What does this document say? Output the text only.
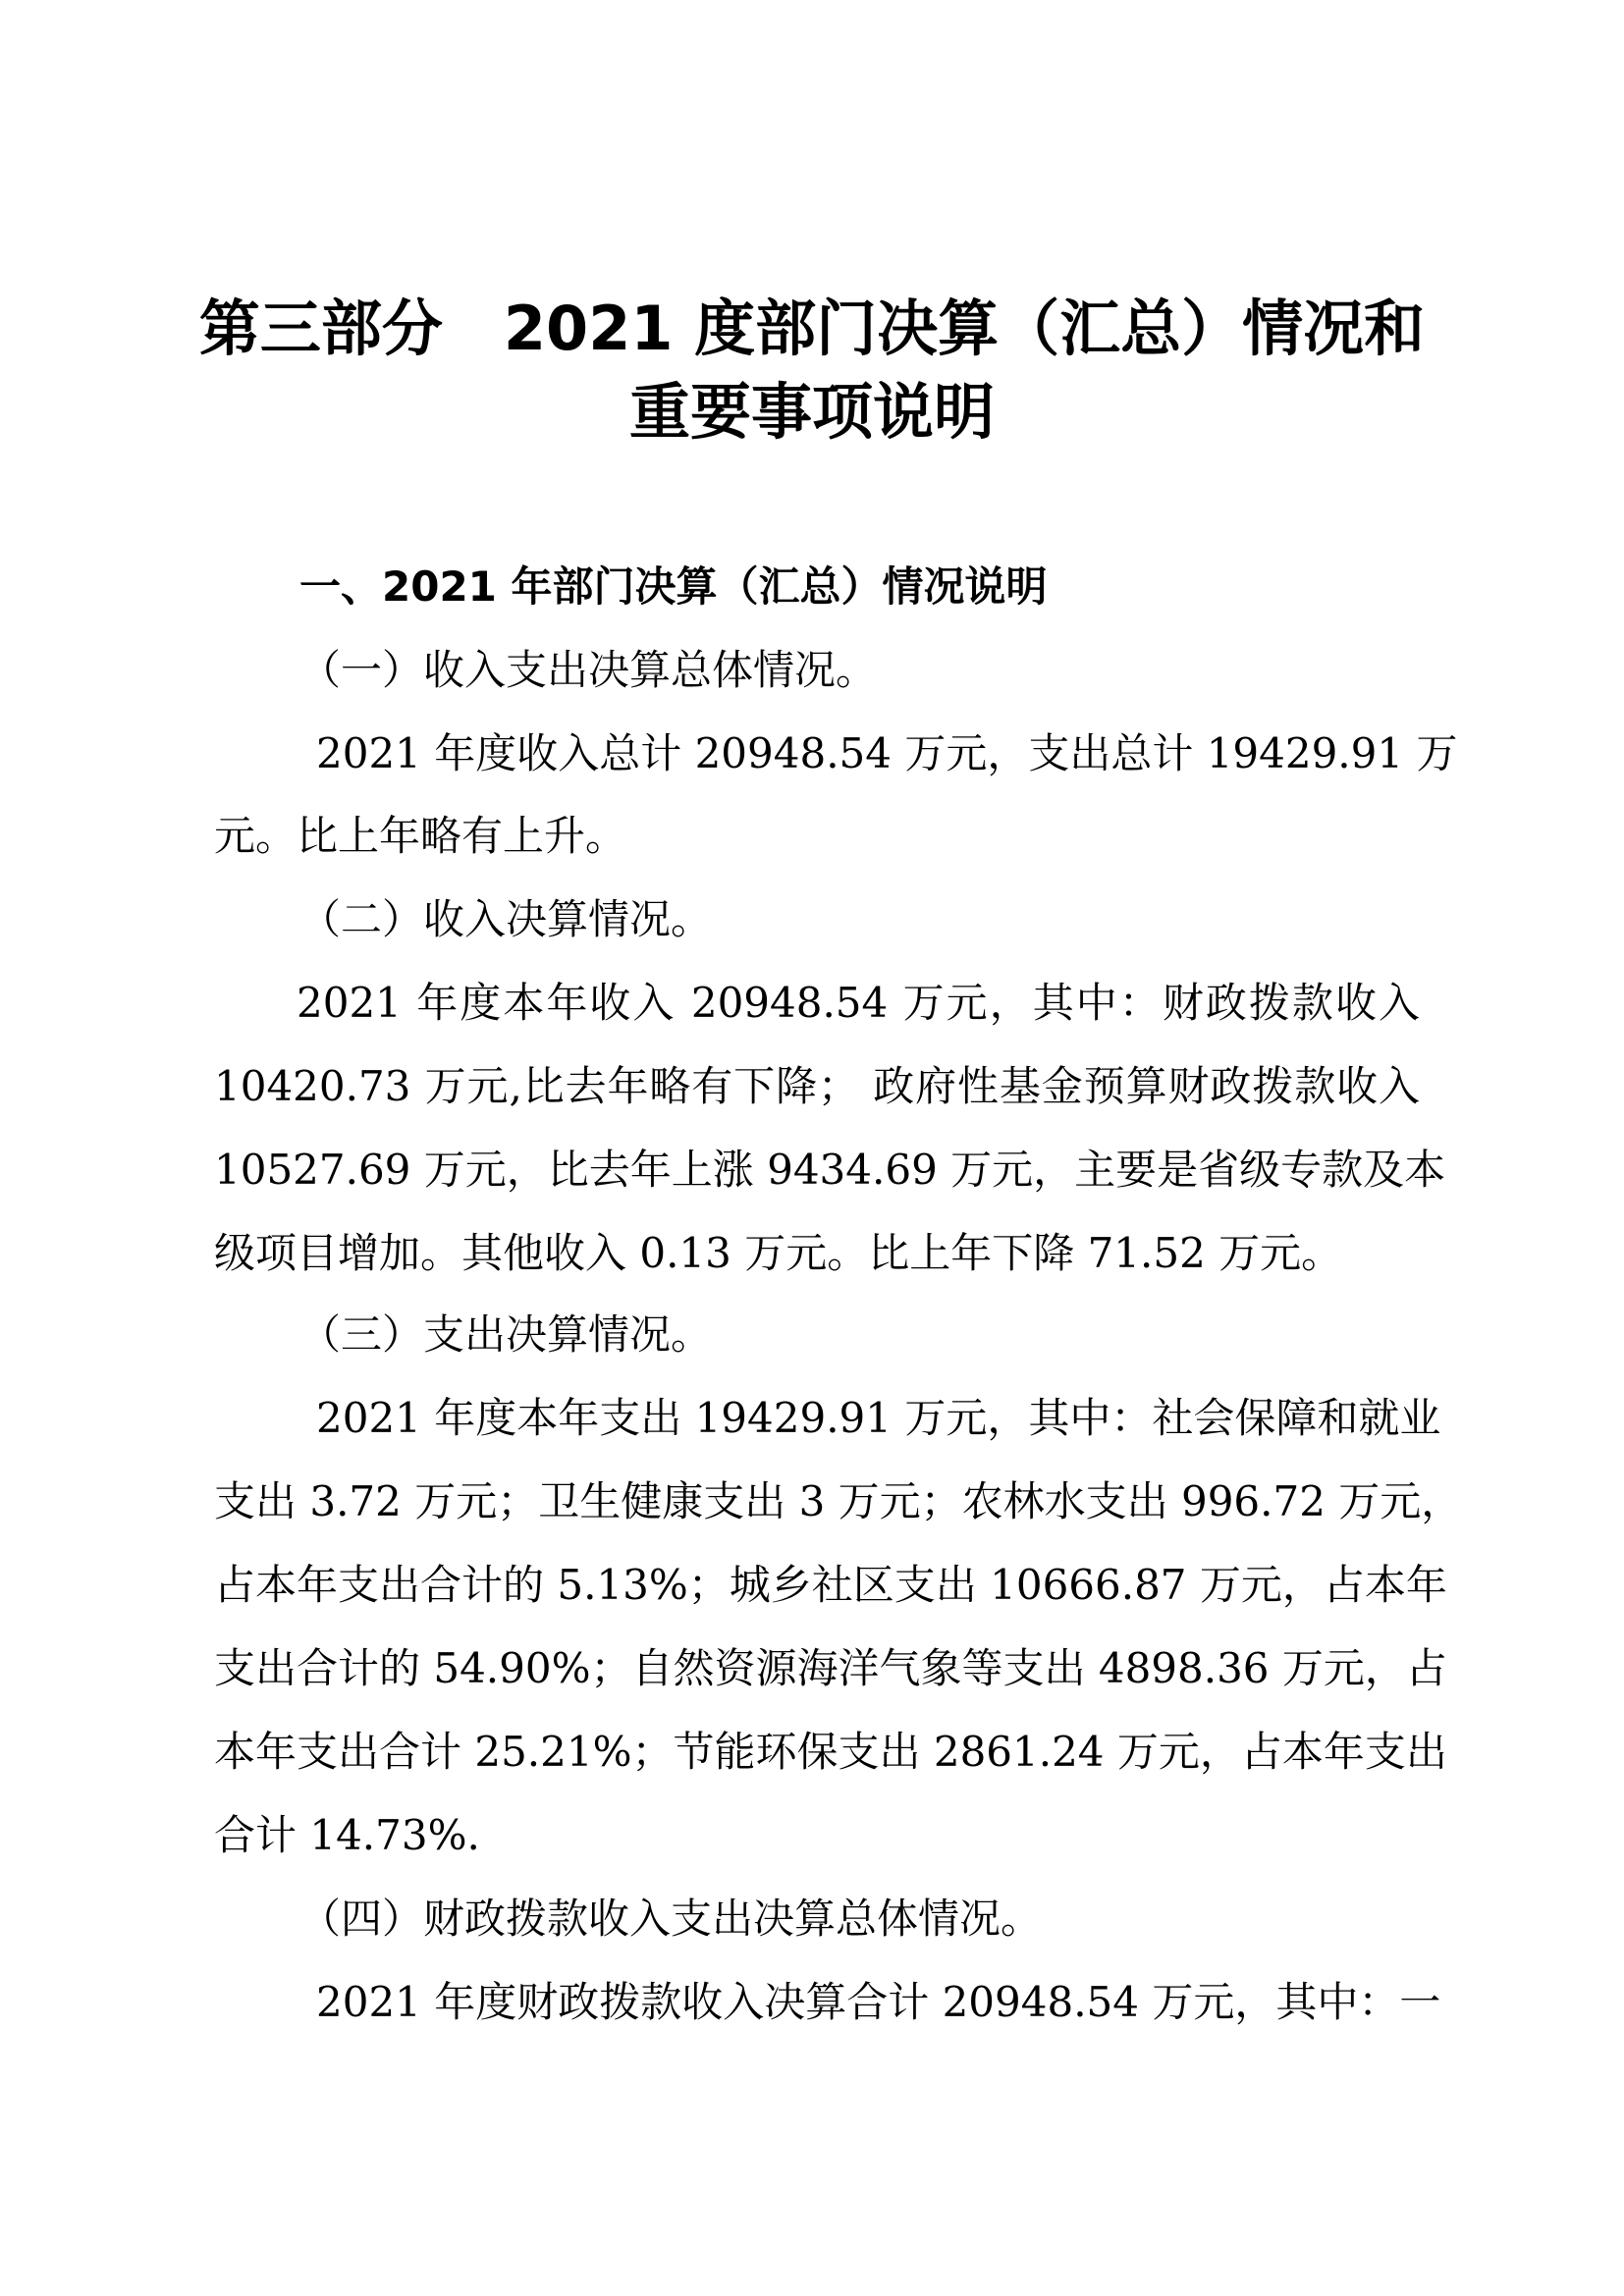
第三部分　2021 度部门决算（汇总）情况和
重要事项说明
一、2021 年部门决算（汇总）情况说明
（一）收入支出决算总体情况。
2021 年度收入总计 20948.54 万元，支出总计 19429.91 万
元。比上年略有上升。
（二）收入决算情况。
2021 年度本年收入 20948.54 万元，其中：财政拨款收入
10420.73 万元,比去年略有下降； 政府性基金预算财政拨款收入
10527.69 万元，比去年上涨 9434.69 万元，主要是省级专款及本
级项目增加。其他收入 0.13 万元。比上年下降 71.52 万元。
（三）支出决算情况。
2021 年度本年支出 19429.91 万元，其中：社会保障和就业
支出 3.72 万元；卫生健康支出 3 万元；农林水支出 996.72 万元，
占本年支出合计的 5.13%；城乡社区支出 10666.87 万元，占本年
支出合计的 54.90%；自然资源海洋气象等支出 4898.36 万元，占
本年支出合计 25.21%；节能环保支出 2861.24 万元，占本年支出
合计 14.73%.
（四）财政拨款收入支出决算总体情况。
2021 年度财政拨款收入决算合计 20948.54 万元，其中：一
